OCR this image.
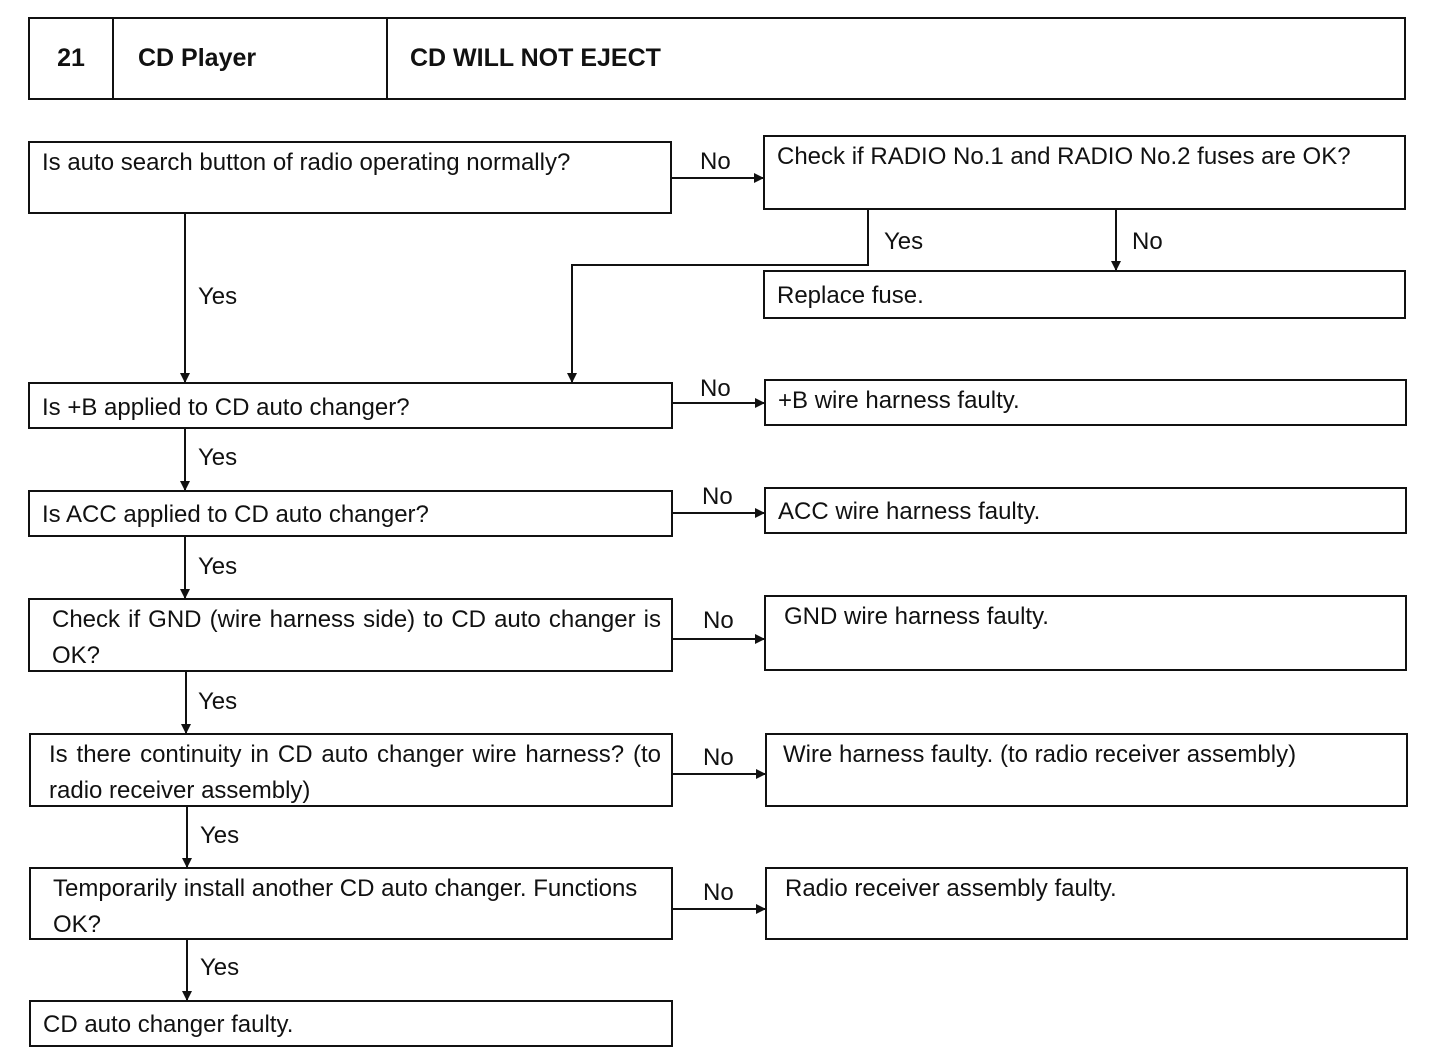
21	CD Player	CD WILL NOT EJECT
Is auto search button of radio operating normally?	Check if RADIO No.1 and RADIO No.2 fuses are OK?
Replace fuse.
Is +B applied to CD auto changer?	+B wire harness faulty.
Is ACC applied to CD auto changer?	ACC wire harness faulty.
Check if GND (wire harness side) to CD auto changer is OK?
GND wire harness faulty.
Is there continuity in CD auto changer wire harness? (to radio receiver assembly)
Wire harness faulty. (to radio receiver assembly)
Temporarily install another CD auto changer. Functions OK?
Radio receiver assembly faulty.
CD auto changer faulty.
No
Yes	No
Yes
No
Yes
No
Yes
No
Yes
No
Yes
No
Yes
